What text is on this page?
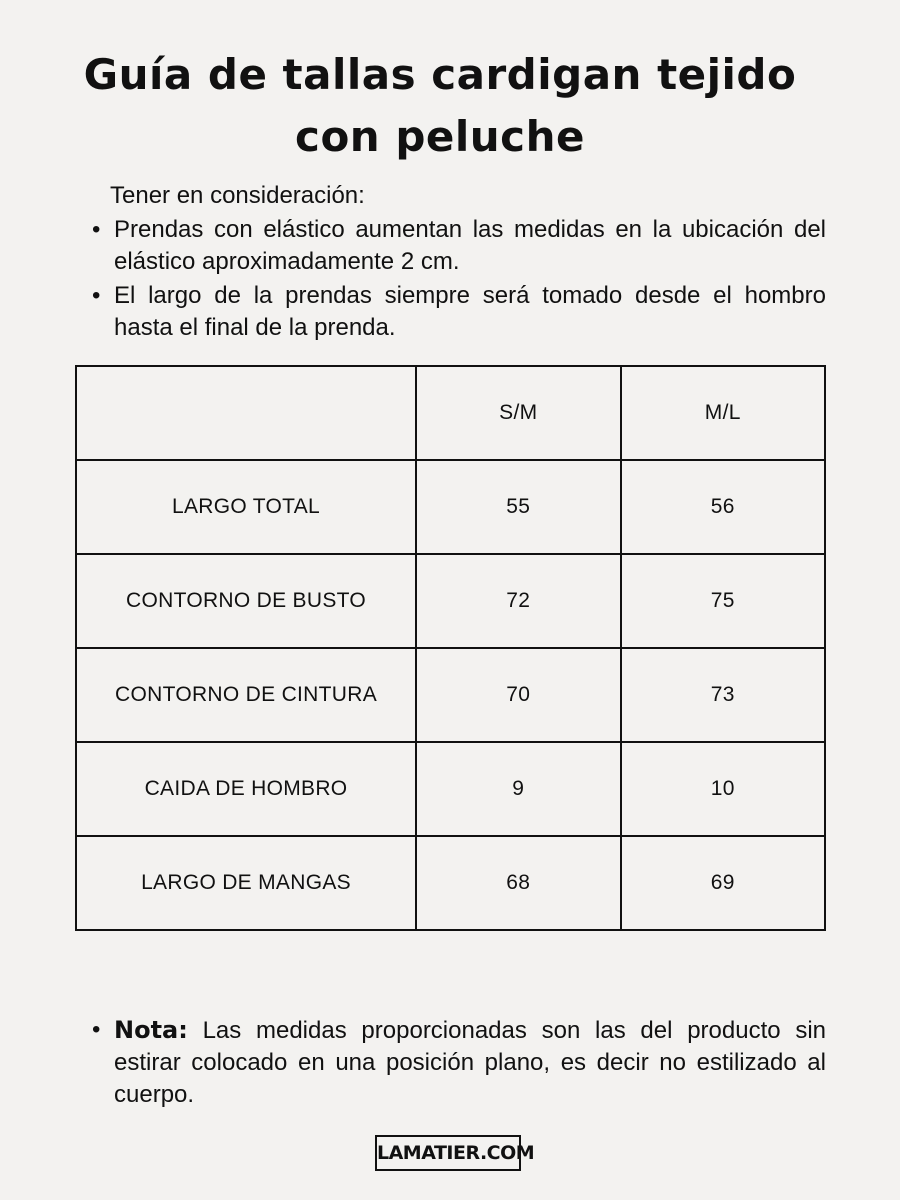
Guía de tallas cardigan tejido
con peluche
Tener en consideración:
• Prendas con elástico aumentan las medidas en la ubicación del elástico aproximadamente 2 cm.
• El largo de la prendas siempre será tomado desde el hombro hasta el final de la prenda.
	S/M	M/L
LARGO TOTAL	55	56
CONTORNO DE BUSTO	72	75
CONTORNO DE CINTURA	70	73
CAIDA DE HOMBRO	9	10
LARGO DE MANGAS	68	69
• Nota: Las medidas proporcionadas son las del producto sin estirar colocado en una posición plano, es decir no estilizado al cuerpo.
LAMATIER.COM
